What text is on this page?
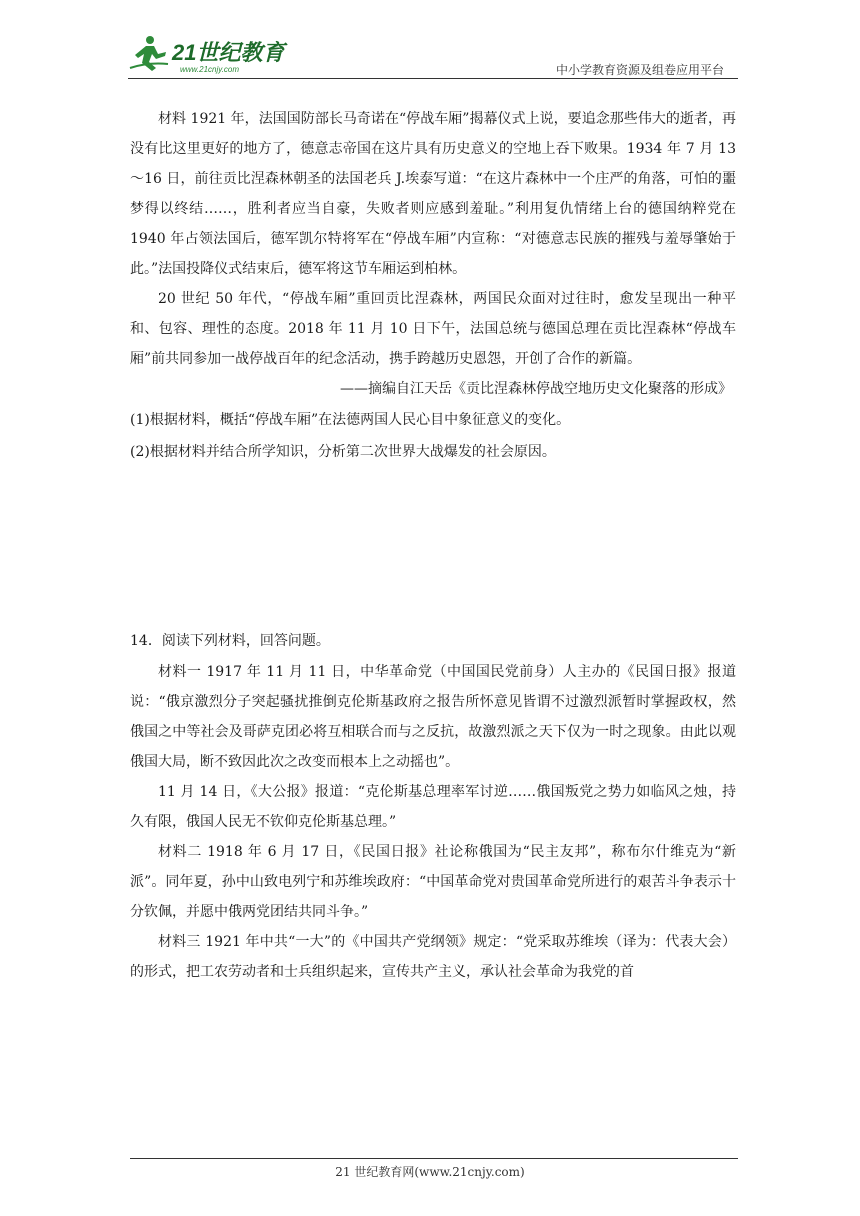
21世纪教育
www.21cnjy.com	中小学教育资源及组卷应用平台

材料 1921 年，法国国防部长马奇诺在“停战车厢”揭幕仪式上说，要追念那些伟大的逝者，再没有比这里更好的地方了，德意志帝国在这片具有历史意义的空地上吞下败果。1934 年 7 月 13～16 日，前往贡比涅森林朝圣的法国老兵 J.埃泰写道：“在这片森林中一个庄严的角落，可怕的噩梦得以终结……，胜利者应当自豪，失败者则应感到羞耻。”利用复仇情绪上台的德国纳粹党在 1940 年占领法国后，德军凯尔特将军在“停战车厢”内宣称：“对德意志民族的摧残与羞辱肇始于此。”法国投降仪式结束后，德军将这节车厢运到柏林。

20 世纪 50 年代，“停战车厢”重回贡比涅森林，两国民众面对过往时，愈发呈现出一种平和、包容、理性的态度。2018 年 11 月 10 日下午，法国总统与德国总理在贡比涅森林“停战车厢”前共同参加一战停战百年的纪念活动，携手跨越历史恩怨，开创了合作的新篇。

——摘编自江天岳《贡比涅森林停战空地历史文化聚落的形成》

(1)根据材料，概括“停战车厢”在法德两国人民心目中象征意义的变化。

(2)根据材料并结合所学知识，分析第二次世界大战爆发的社会原因。

14．阅读下列材料，回答问题。

材料一 1917 年 11 月 11 日，中华革命党（中国国民党前身）人主办的《民国日报》报道说：“俄京激烈分子突起骚扰推倒克伦斯基政府之报告所怀意见皆谓不过激烈派暂时掌握政权，然俄国之中等社会及哥萨克团必将互相联合而与之反抗，故激烈派之天下仅为一时之现象。由此以观俄国大局，断不致因此次之改变而根本上之动摇也”。

11 月 14 日，《大公报》报道：“克伦斯基总理率军讨逆……俄国叛党之势力如临风之烛，持久有限，俄国人民无不钦仰克伦斯基总理。”

材料二 1918 年 6 月 17 日，《民国日报》社论称俄国为“民主友邦”，称布尔什维克为“新派”。同年夏，孙中山致电列宁和苏维埃政府：“中国革命党对贵国革命党所进行的艰苦斗争表示十分钦佩，并愿中俄两党团结共同斗争。”

材料三 1921 年中共“一大”的《中国共产党纲领》规定：“党采取苏维埃（译为：代表大会）的形式，把工农劳动者和士兵组织起来，宣传共产主义，承认社会革命为我党的首

21 世纪教育网(www.21cnjy.com)
